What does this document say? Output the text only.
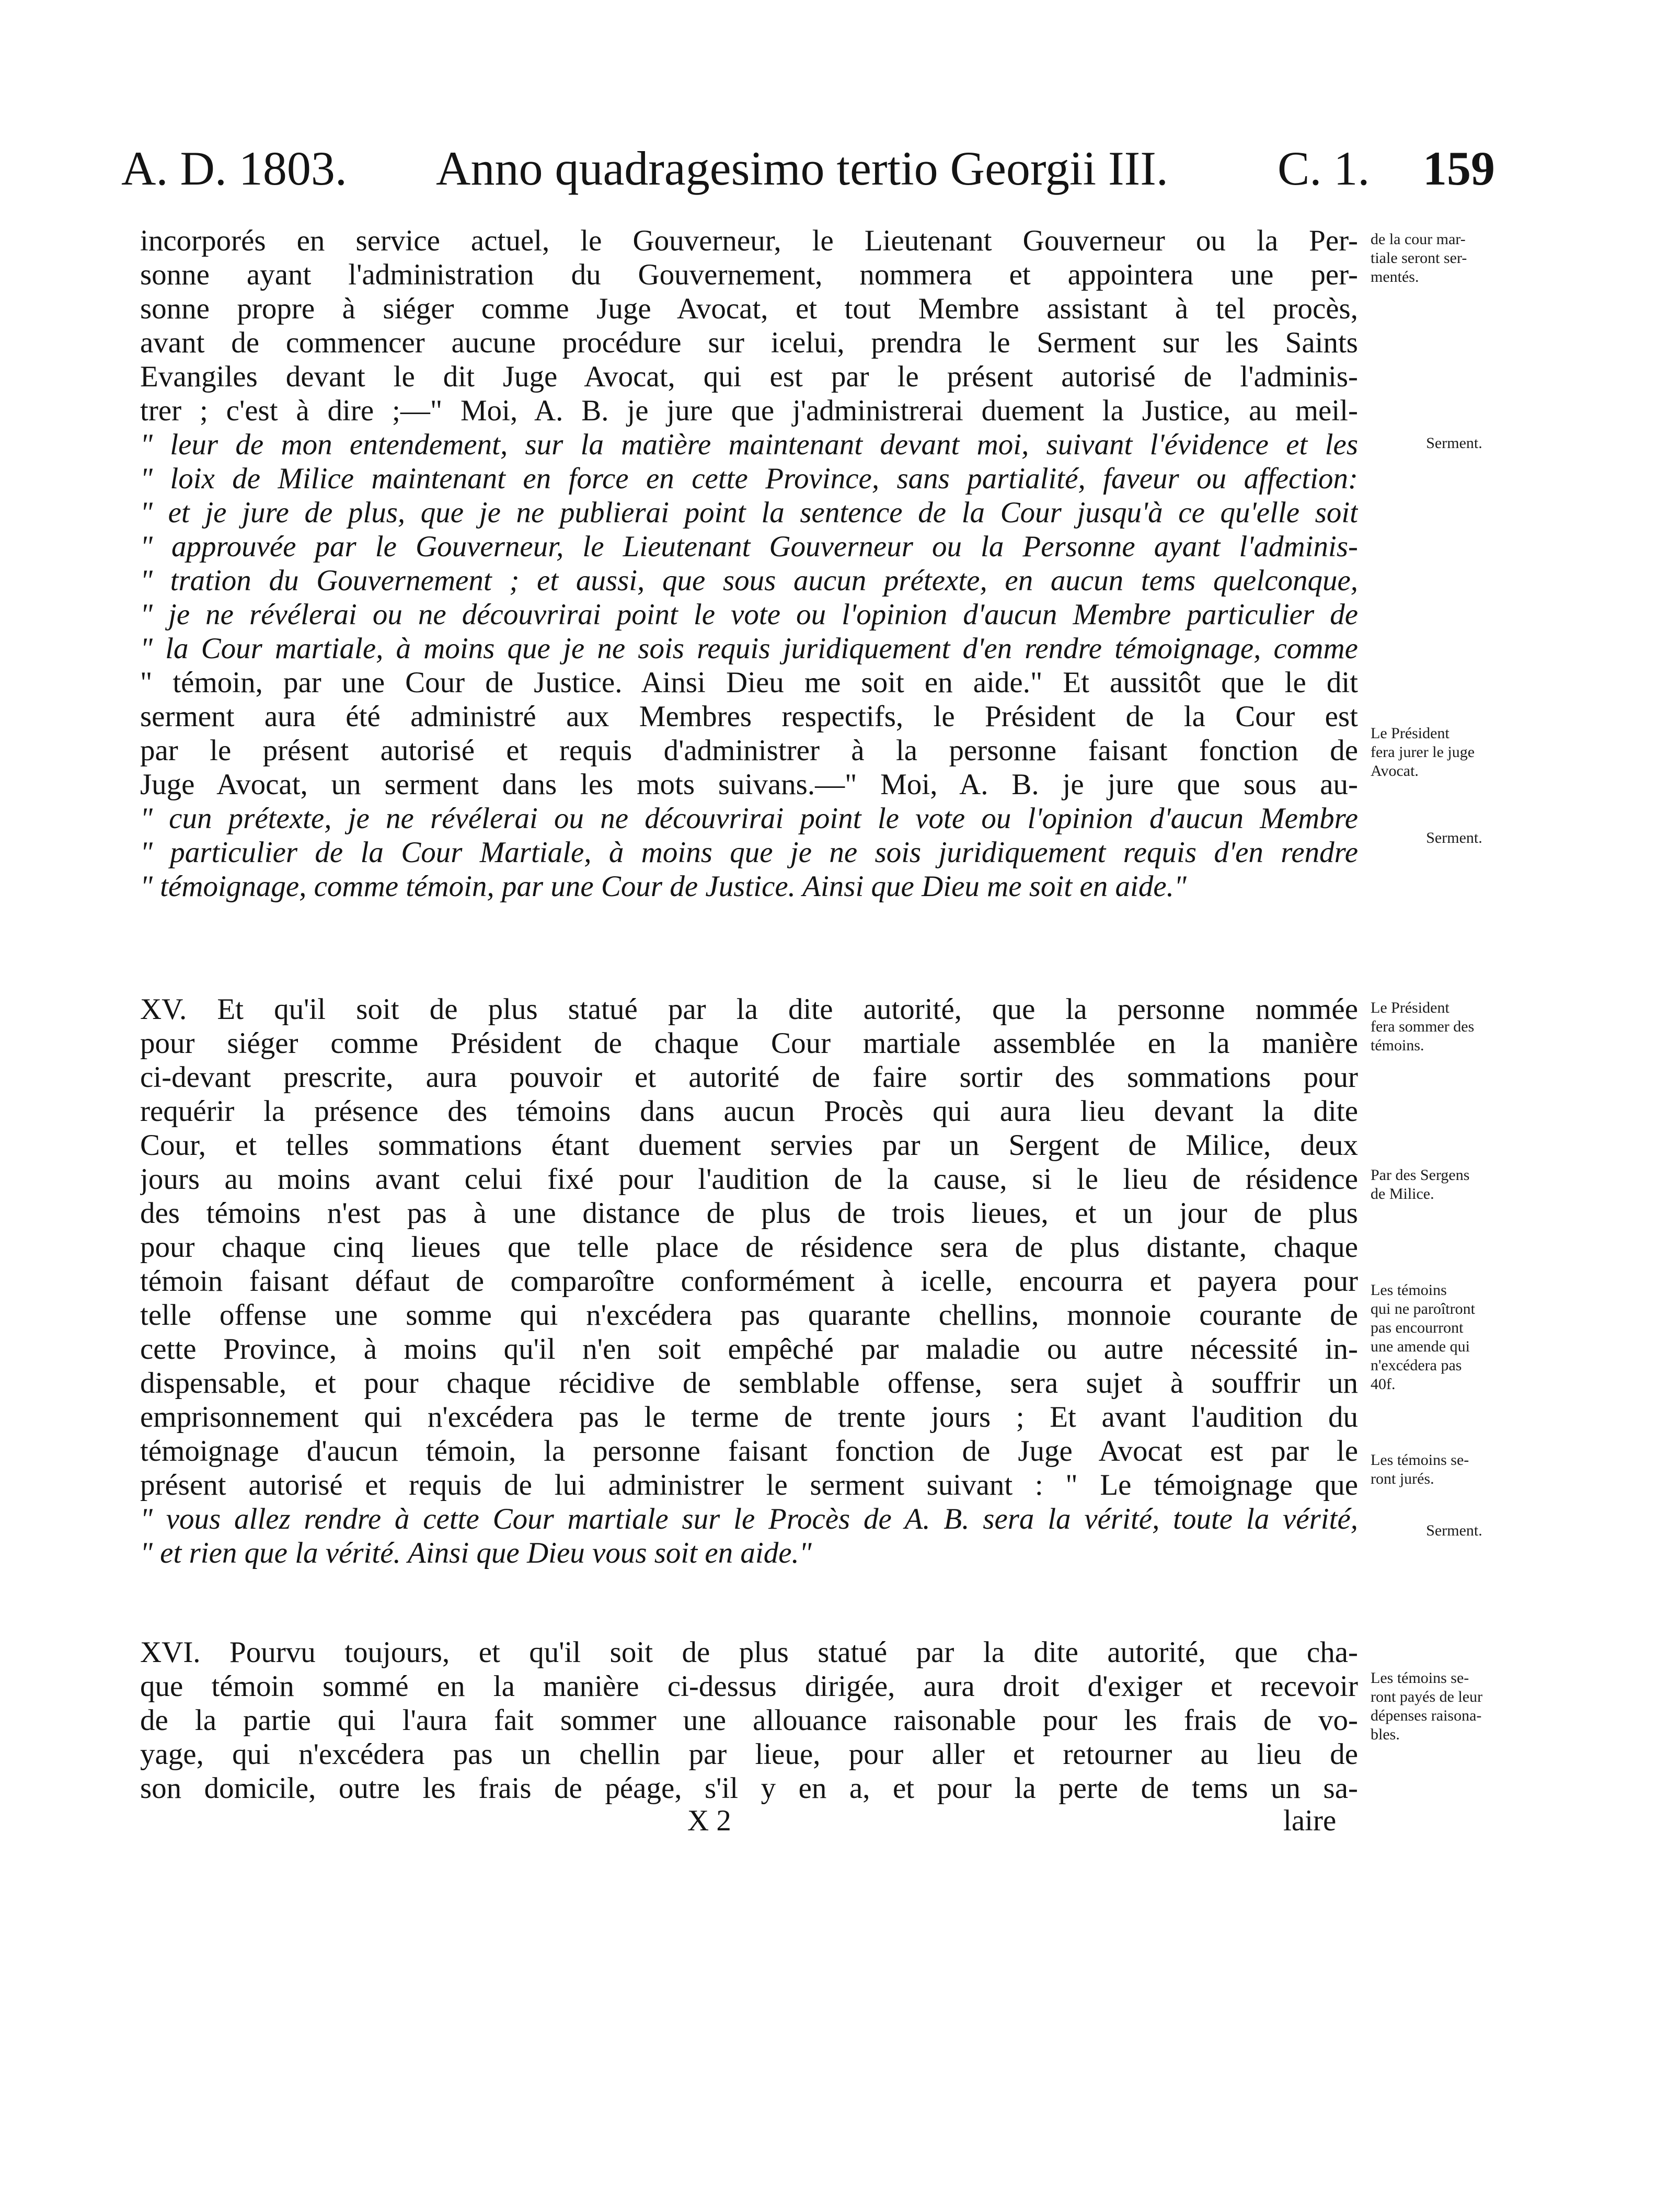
A. D. 1803. Anno quadragesimo tertio Georgii III. C. 1. 159
incorporés en service actuel, le Gouverneur, le Lieutenant Gouverneur ou la Per-
sonne ayant l'administration du Gouvernement, nommera et appointera une per-
sonne propre à siéger comme Juge Avocat, et tout Membre assistant à tel procès,
avant de commencer aucune procédure sur icelui, prendra le Serment sur les Saints
Evangiles devant le dit Juge Avocat, qui est par le présent autorisé de l'adminis-
trer ; c'est à dire ;—" Moi, A. B. je jure que j'administrerai duement la Justice, au meil-
" leur de mon entendement, sur la matière maintenant devant moi, suivant l'évidence et les
" loix de Milice maintenant en force en cette Province, sans partialité, faveur ou affection:
" et je jure de plus, que je ne publierai point la sentence de la Cour jusqu'à ce qu'elle soit
" approuvée par le Gouverneur, le Lieutenant Gouverneur ou la Personne ayant l'adminis-
" tration du Gouvernement ; et aussi, que sous aucun prétexte, en aucun tems quelconque,
" je ne révélerai ou ne découvrirai point le vote ou l'opinion d'aucun Membre particulier de
" la Cour martiale, à moins que je ne sois requis juridiquement d'en rendre témoignage, comme
" témoin, par une Cour de Justice. Ainsi Dieu me soit en aide." Et aussitôt que le dit
serment aura été administré aux Membres respectifs, le Président de la Cour est
par le présent autorisé et requis d'administrer à la personne faisant fonction de
Juge Avocat, un serment dans les mots suivans.—" Moi, A. B. je jure que sous au-
" cun prétexte, je ne révélerai ou ne découvrirai point le vote ou l'opinion d'aucun Membre
" particulier de la Cour Martiale, à moins que je ne sois juridiquement requis d'en rendre
" témoignage, comme témoin, par une Cour de Justice. Ainsi que Dieu me soit en aide."
XV. Et qu'il soit de plus statué par la dite autorité, que la personne nommée
pour siéger comme Président de chaque Cour martiale assemblée en la manière
ci-devant prescrite, aura pouvoir et autorité de faire sortir des sommations pour
requérir la présence des témoins dans aucun Procès qui aura lieu devant la dite
Cour, et telles sommations étant duement servies par un Sergent de Milice, deux
jours au moins avant celui fixé pour l'audition de la cause, si le lieu de résidence
des témoins n'est pas à une distance de plus de trois lieues, et un jour de plus
pour chaque cinq lieues que telle place de résidence sera de plus distante, chaque
témoin faisant défaut de comparoître conformément à icelle, encourra et payera pour
telle offense une somme qui n'excédera pas quarante chellins, monnoie courante de
cette Province, à moins qu'il n'en soit empêché par maladie ou autre nécessité in-
dispensable, et pour chaque récidive de semblable offense, sera sujet à souffrir un
emprisonnement qui n'excédera pas le terme de trente jours ; Et avant l'audition du
témoignage d'aucun témoin, la personne faisant fonction de Juge Avocat est par le
présent autorisé et requis de lui administrer le serment suivant : " Le témoignage que
" vous allez rendre à cette Cour martiale sur le Procès de A. B. sera la vérité, toute la vérité,
" et rien que la vérité. Ainsi que Dieu vous soit en aide."
XVI. Pourvu toujours, et qu'il soit de plus statué par la dite autorité, que cha-
que témoin sommé en la manière ci-dessus dirigée, aura droit d'exiger et recevoir
de la partie qui l'aura fait sommer une allouance raisonable pour les frais de vo-
yage, qui n'excédera pas un chellin par lieue, pour aller et retourner au lieu de
son domicile, outre les frais de péage, s'il y en a, et pour la perte de tems un sa-
X 2	laire
de la cour mar-
tiale seront ser-
mentés.
Serment.
Le Président
fera jurer le juge
Avocat.
Serment.
Le Président
fera sommer des
témoins.
Par des Sergens
de Milice.
Les témoins
qui ne paroîtront
pas encourront
une amende qui
n'excédera pas
40f.
Les témoins se-
ront jurés.
Serment.
Les témoins se-
ront payés de leur
dépenses raisona-
bles.
